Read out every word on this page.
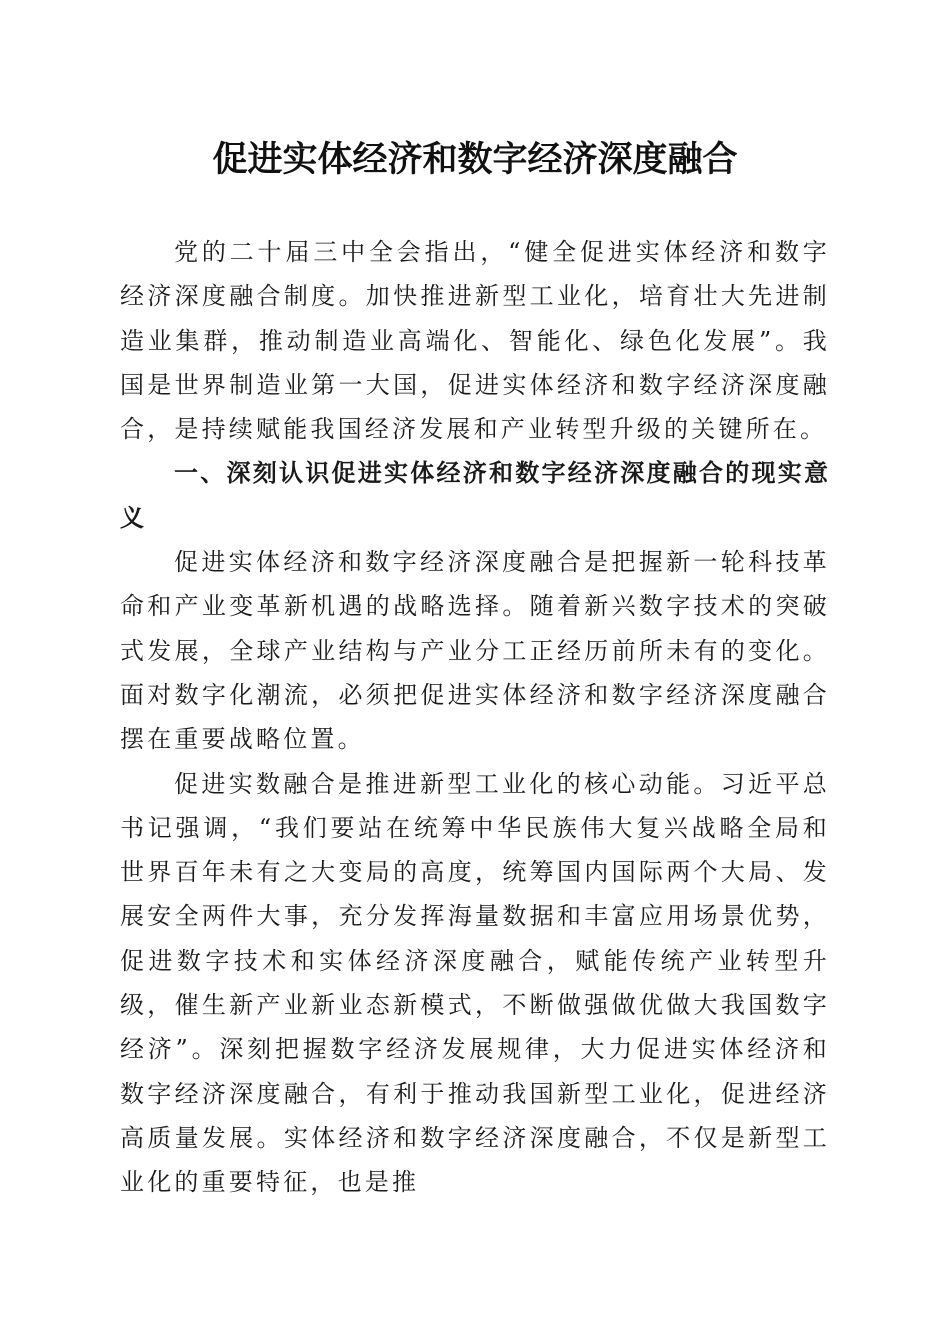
促进实体经济和数字经济深度融合

党的二十届三中全会指出，“健全促进实体经济和数字经济深度融合制度。加快推进新型工业化，培育壮大先进制造业集群，推动制造业高端化、智能化、绿色化发展”。我国是世界制造业第一大国，促进实体经济和数字经济深度融合，是持续赋能我国经济发展和产业转型升级的关键所在。

一、深刻认识促进实体经济和数字经济深度融合的现实意义

促进实体经济和数字经济深度融合是把握新一轮科技革命和产业变革新机遇的战略选择。随着新兴数字技术的突破式发展，全球产业结构与产业分工正经历前所未有的变化。面对数字化潮流，必须把促进实体经济和数字经济深度融合摆在重要战略位置。

促进实数融合是推进新型工业化的核心动能。习近平总书记强调，“我们要站在统筹中华民族伟大复兴战略全局和世界百年未有之大变局的高度，统筹国内国际两个大局、发展安全两件大事，充分发挥海量数据和丰富应用场景优势，促进数字技术和实体经济深度融合，赋能传统产业转型升级，催生新产业新业态新模式，不断做强做优做大我国数字经济”。深刻把握数字经济发展规律，大力促进实体经济和数字经济深度融合，有利于推动我国新型工业化，促进经济高质量发展。实体经济和数字经济深度融合，不仅是新型工业化的重要特征，也是推
